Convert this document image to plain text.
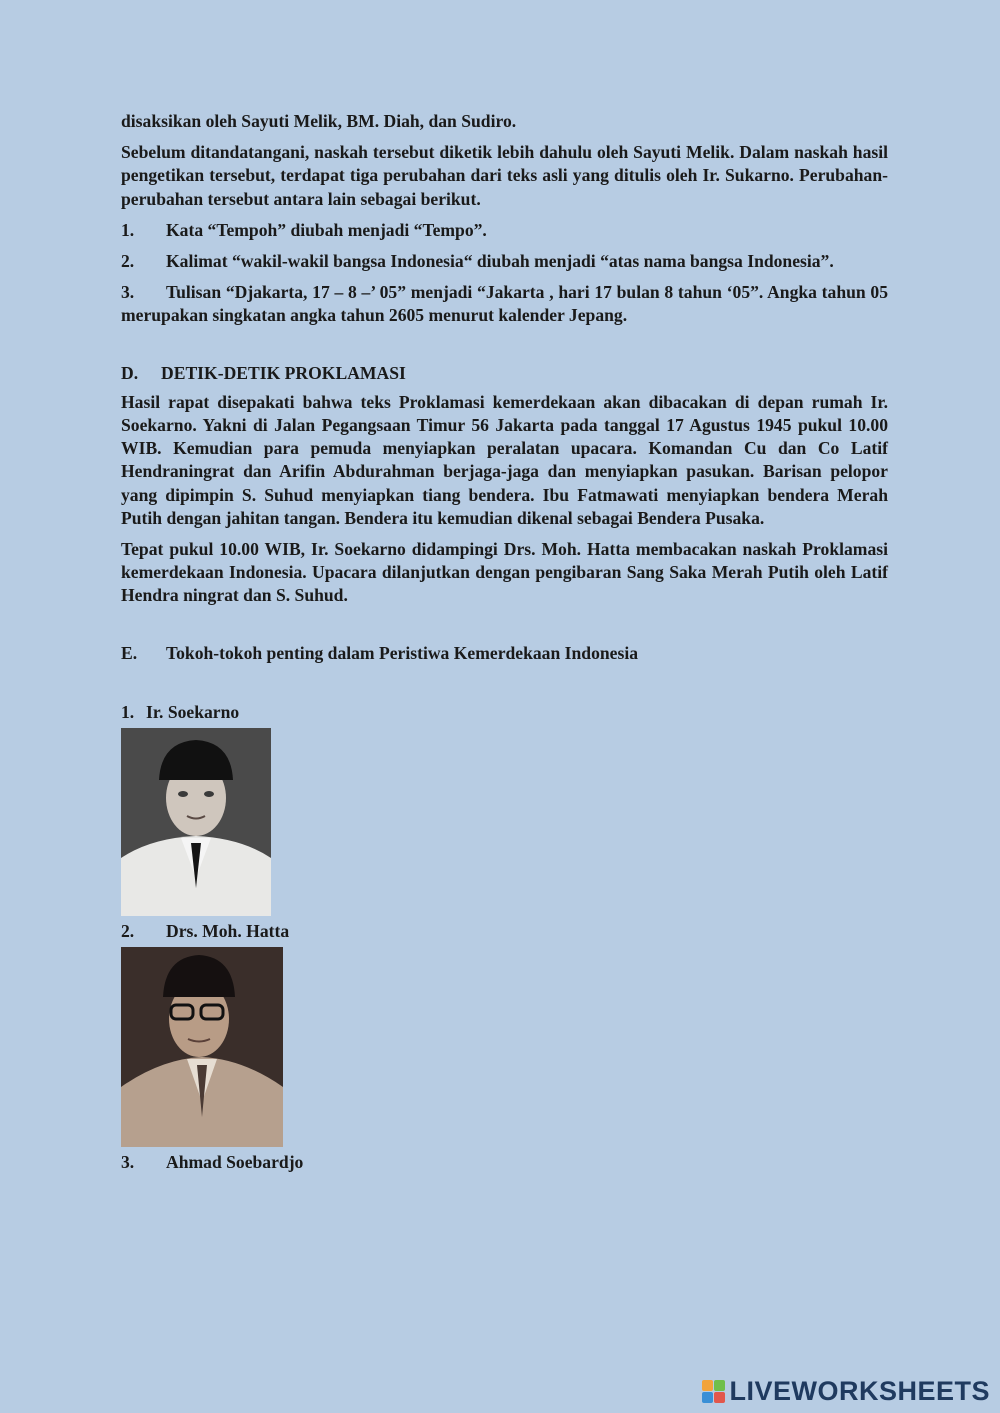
disaksikan oleh Sayuti Melik, BM. Diah, dan Sudiro.

Sebelum ditandatangani, naskah tersebut diketik lebih dahulu oleh Sayuti Melik. Dalam naskah hasil pengetikan tersebut, terdapat tiga perubahan dari teks asli yang ditulis oleh Ir. Sukarno. Perubahan-perubahan tersebut antara lain sebagai berikut.

1. Kata “Tempoh” diubah menjadi “Tempo”.

2. Kalimat “wakil-wakil bangsa Indonesia“ diubah menjadi “atas nama bangsa Indonesia”.

3. Tulisan “Djakarta, 17 – 8 –’ 05” menjadi “Jakarta , hari 17 bulan 8 tahun ‘05”. Angka tahun 05 merupakan singkatan angka tahun 2605 menurut kalender Jepang.

D. DETIK-DETIK PROKLAMASI

Hasil rapat disepakati bahwa teks Proklamasi kemerdekaan akan dibacakan di depan rumah Ir. Soekarno. Yakni di Jalan Pegangsaan Timur 56 Jakarta pada tanggal 17 Agustus 1945 pukul 10.00 WIB. Kemudian para pemuda menyiapkan peralatan upacara. Komandan Cu dan Co Latif Hendraningrat dan Arifin Abdurahman berjaga-jaga dan menyiapkan pasukan. Barisan pelopor yang dipimpin S. Suhud menyiapkan tiang bendera. Ibu Fatmawati menyiapkan bendera Merah Putih dengan jahitan tangan. Bendera itu kemudian dikenal sebagai Bendera Pusaka.

Tepat pukul 10.00 WIB, Ir. Soekarno didampingi Drs. Moh. Hatta membacakan naskah Proklamasi kemerdekaan Indonesia. Upacara dilanjutkan dengan pengibaran Sang Saka Merah Putih oleh Latif Hendra ningrat dan S. Suhud.

E. Tokoh-tokoh penting dalam Peristiwa Kemerdekaan Indonesia

1. Ir. Soekarno

2. Drs. Moh. Hatta

3. Ahmad Soebardjo

LIVEWORKSHEETS
